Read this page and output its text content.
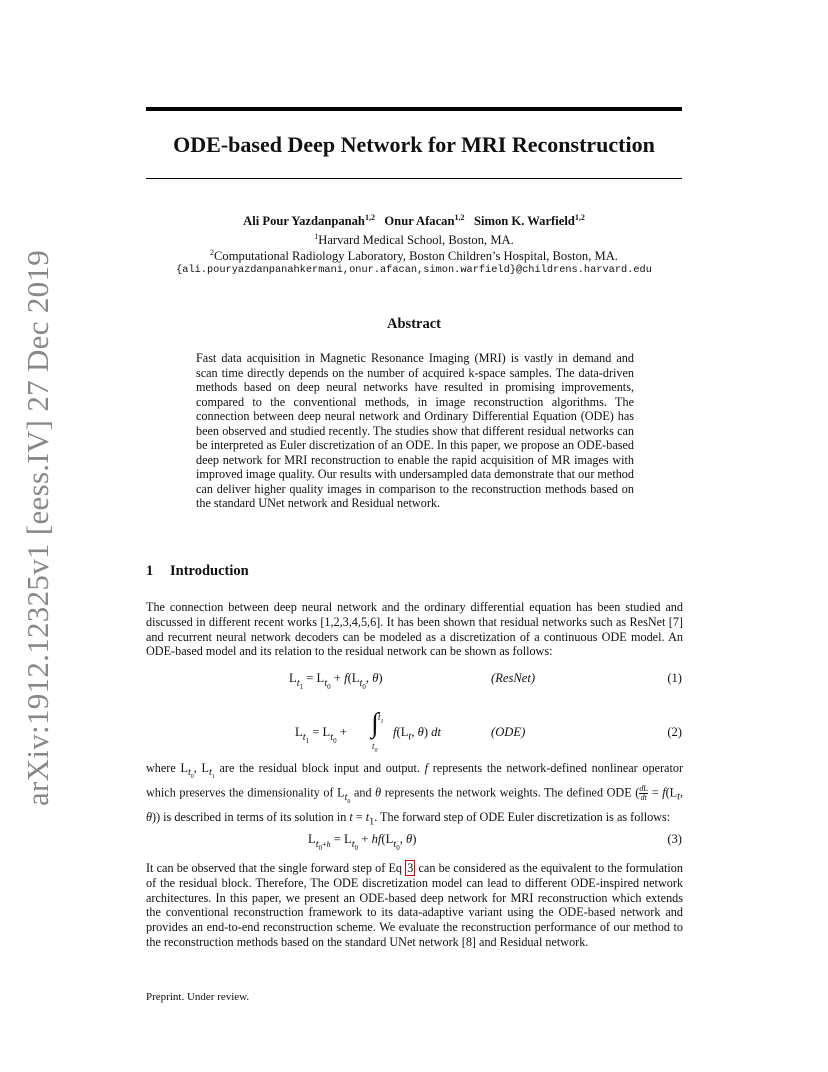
arXiv:1912.12325v1 [eess.IV] 27 Dec 2019
ODE-based Deep Network for MRI Reconstruction
Ali Pour Yazdanpanah$^{1,2}$ Onur Afacan$^{1,2}$ Simon K. Warfield$^{1,2}$
$^1$Harvard Medical School, Boston, MA.
$^2$Computational Radiology Laboratory, Boston Children’s Hospital, Boston, MA.
{ali.pouryazdanpanahkermani,onur.afacan,simon.warfield}@childrens.harvard.edu
Abstract
Fast data acquisition in Magnetic Resonance Imaging (MRI) is vastly in demand and scan time directly depends on the number of acquired k-space samples. The data-driven methods based on deep neural networks have resulted in promising improvements, compared to the conventional methods, in image reconstruction algorithms. The connection between deep neural network and Ordinary Differential Equation (ODE) has been observed and studied recently. The studies show that different residual networks can be interpreted as Euler discretization of an ODE. In this paper, we propose an ODE-based deep network for MRI reconstruction to enable the rapid acquisition of MR images with improved image quality. Our results with undersampled data demonstrate that our method can deliver higher quality images in comparison to the reconstruction methods based on the standard UNet network and Residual network.
1 Introduction
The connection between deep neural network and the ordinary differential equation has been studied and discussed in different recent works [1,2,3,4,5,6]. It has been shown that residual networks such as ResNet [7] and recurrent neural network decoders can be modeled as a discretization of a continuous ODE model. An ODE-based model and its relation to the residual network can be shown as follows:
$L_{t_1} = L_{t_0} + f(L_{t_0}$, θ)	(ResNet)	(1)
$L_{t_1} = L_{t_0}$ + ∫ $t_1$
$t_0$
$f(L_t$, θ) dt	(ODE)	(2)
where $L_{t_0}$, $L_{t_1}$ are the residual block input and output. f represents the network-defined nonlinear operator which preserves the dimensionality of $L_{t_0}$ and θ represents the network weights. The defined ODE ( $\frac{dL}{dt} = f(L_t$, θ)) is described in terms of its solution in $t = t_1$. The forward step of ODE Euler discretization is as follows:
$L_{t_0+h} = L_{t_0} + hf(L_{t_0}$, θ)	(3)
It can be observed that the single forward step of Eq 3 can be considered as the equivalent to the formulation of the residual block. Therefore, The ODE discretization model can lead to different ODE-inspired network architectures. In this paper, we present an ODE-based deep network for MRI reconstruction which extends the conventional reconstruction framework to its data-adaptive variant using the ODE-based network and provides an end-to-end reconstruction scheme. We evaluate the reconstruction performance of our method to the reconstruction methods based on the standard UNet network [8] and Residual network.
Preprint. Under review.
